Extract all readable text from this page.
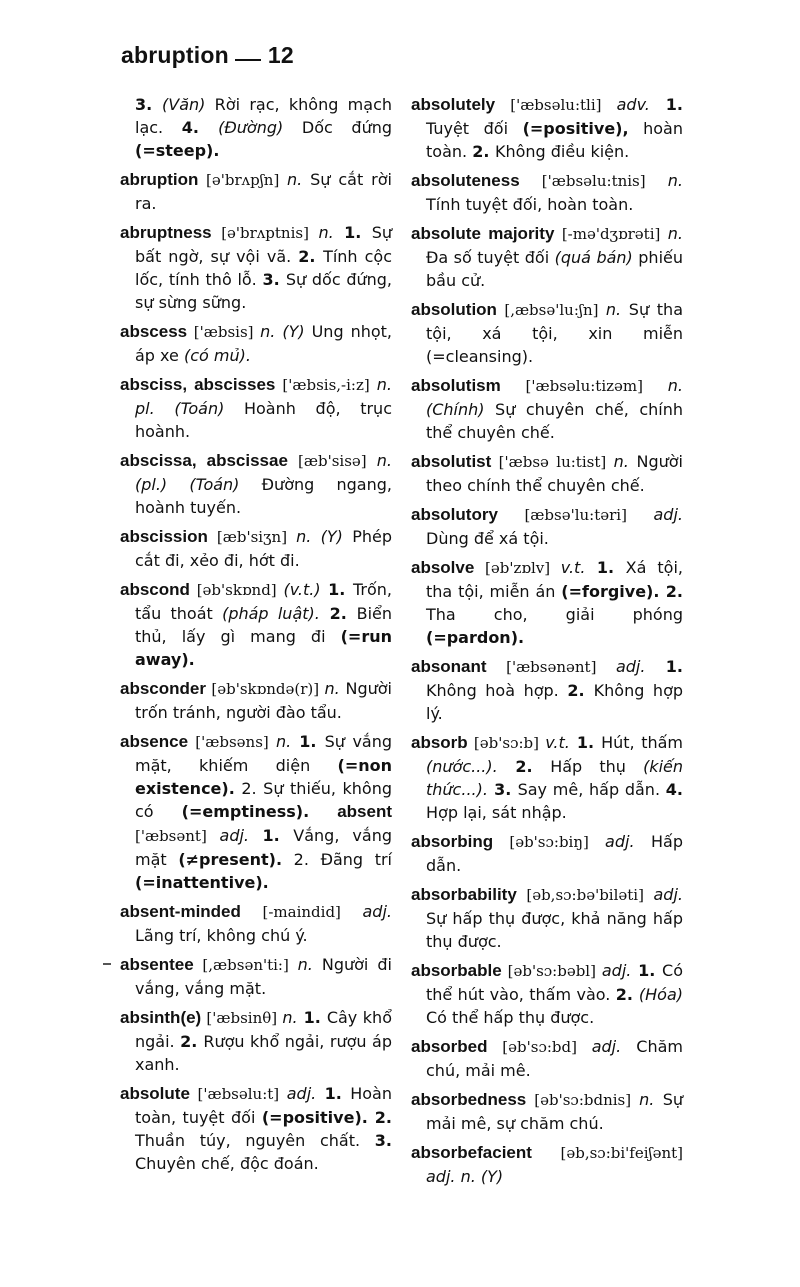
abruption 12

3. (Văn) Rời rạc, không mạch lạc. 4. (Đường) Dốc đứng (=steep).

abruption [ə'brʌpʃn] n. Sự cắt rời ra.

abruptness [ə'brʌptnis] n. 1. Sự bất ngờ, sự vội vã. 2. Tính cộc lốc, tính thô lỗ. 3. Sự dốc đứng, sự sừng sững.

abscess ['æbsis] n. (Y) Ung nhọt, áp xe (có mủ).

absciss, abscisses ['æbsis,-i:z] n. pl. (Toán) Hoành độ, trục hoành.

abscissa, abscissae [æb'sisə] n. (pl.) (Toán) Đường ngang, hoành tuyến.

abscission [æb'siʒn] n. (Y) Phép cắt đi, xẻo đi, hớt đi.

abscond [əb'skɒnd] (v.t.) 1. Trốn, tẩu thoát (pháp luật). 2. Biển thủ, lấy gì mang đi (=run away).

absconder [əb'skɒndə(r)] n. Người trốn tránh, người đào tẩu.

absence ['æbsəns] n. 1. Sự vắng mặt, khiếm diện (=non existence). 2. Sự thiếu, không có (=emptiness). absent ['æbsənt] adj. 1. Vắng, vắng mặt (≠present). 2. Đãng trí (=inattentive).

absent-minded [-maindid] adj. Lãng trí, không chú ý.

absentee [,æbsən'ti:] n. Người đi vắng, vắng mặt.

absinth(e) ['æbsinθ] n. 1. Cây khổ ngải. 2. Rượu khổ ngải, rượu áp xanh.

absolute ['æbsəlu:t] adj. 1. Hoàn toàn, tuyệt đối (=positive). 2. Thuần túy, nguyên chất. 3. Chuyên chế, độc đoán.

absolutely ['æbsəlu:tli] adv. 1. Tuyệt đối (=positive), hoàn toàn. 2. Không điều kiện.

absoluteness ['æbsəlu:tnis] n. Tính tuyệt đối, hoàn toàn.

absolute majority [-mə'dʒɒrəti] n. Đa số tuyệt đối (quá bán) phiếu bầu cử.

absolution [,æbsə'lu:ʃn] n. Sự tha tội, xá tội, xin miễn (=cleansing).

absolutism ['æbsəlu:tizəm] n. (Chính) Sự chuyên chế, chính thể chuyên chế.

absolutist ['æbsə lu:tist] n. Người theo chính thể chuyên chế.

absolutory [æbsə'lu:təri] adj. Dùng để xá tội.

absolve [əb'zɒlv] v.t. 1. Xá tội, tha tội, miễn án (=forgive). 2. Tha cho, giải phóng (=pardon).

absonant ['æbsənənt] adj. 1. Không hoà hợp. 2. Không hợp lý.

absorb [əb'sɔ:b] v.t. 1. Hút, thấm (nước...). 2. Hấp thụ (kiến thức...). 3. Say mê, hấp dẫn. 4. Hợp lại, sát nhập.

absorbing [əb'sɔ:biŋ] adj. Hấp dẫn.

absorbability [əb,sɔ:bə'biləti] adj. Sự hấp thụ được, khả năng hấp thụ được.

absorbable [əb'sɔ:bəbl] adj. 1. Có thể hút vào, thấm vào. 2. (Hóa) Có thể hấp thụ được.

absorbed [əb'sɔ:bd] adj. Chăm chú, mải mê.

absorbedness [əb'sɔ:bdnis] n. Sự mải mê, sự chăm chú.

absorbefacient [əb,sɔ:bi'feiʃənt] adj. n. (Y)
